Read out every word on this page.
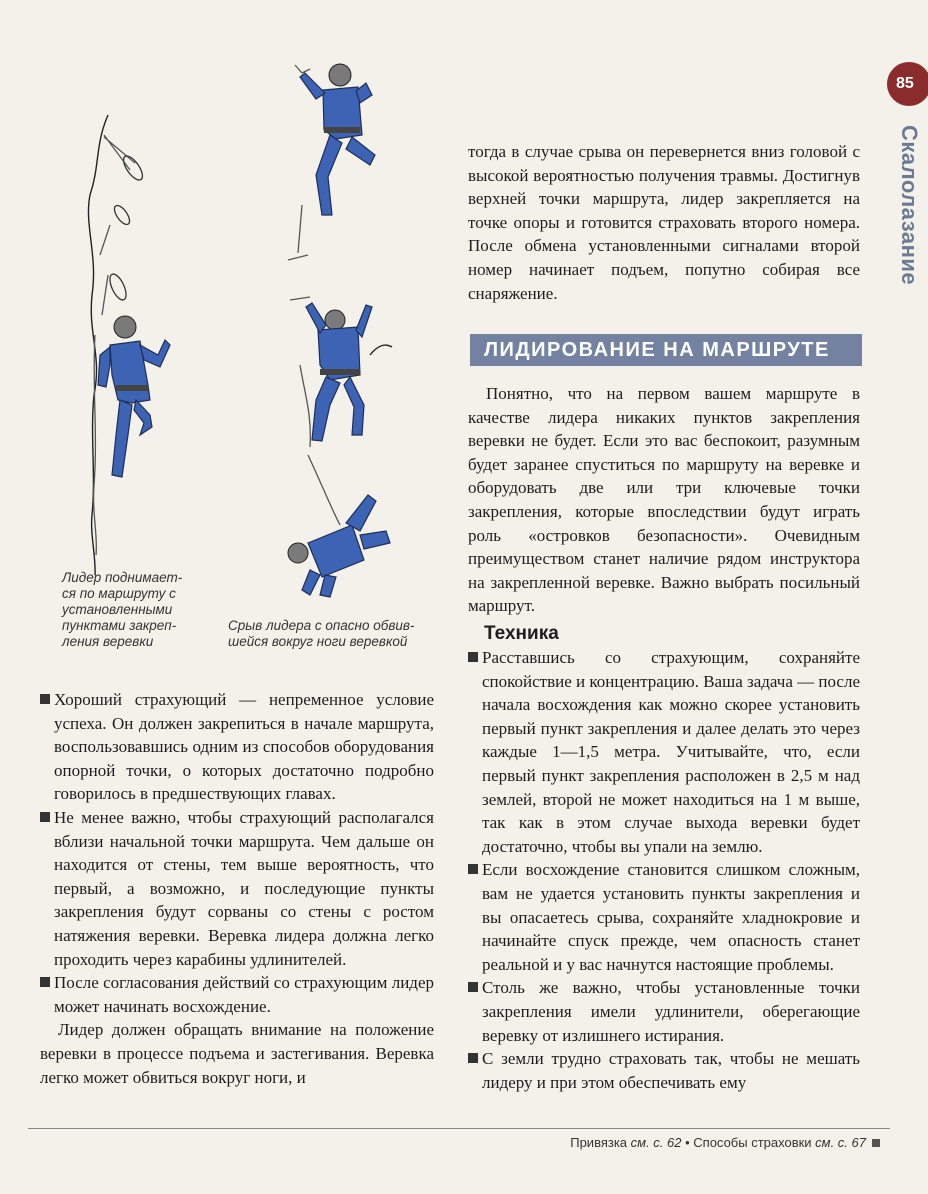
85
Скалолазание

Лидер поднимает-
ся по маршруту с
установленными
пунктами закреп-
ления веревки

Срыв лидера с опасно обвив-
шейся вокруг ноги веревкой

Хороший страхующий — непременное условие успеха. Он должен закрепиться в начале маршрута, воспользовавшись одним из способов оборудования опорной точки, о которых достаточно подробно говорилось в предшествующих главах.

Не менее важно, чтобы страхующий располагался вблизи начальной точки маршрута. Чем дальше он находится от стены, тем выше вероятность, что первый, а возможно, и последующие пункты закрепления будут сорваны со стены с ростом натяжения веревки. Веревка лидера должна легко проходить через карабины удлинителей.

После согласования действий со страхующим лидер может начинать восхождение.

Лидер должен обращать внимание на положение веревки в процессе подъема и застегивания. Веревка легко может обвиться вокруг ноги, и

тогда в случае срыва он перевернется вниз головой с высокой вероятностью получения травмы. Достигнув верхней точки маршрута, лидер закрепляется на точке опоры и готовится страховать второго номера. После обмена установленными сигналами второй номер начинает подъем, попутно собирая все снаряжение.

ЛИДИРОВАНИЕ НА МАРШРУТЕ

Понятно, что на первом вашем маршруте в качестве лидера никаких пунктов закрепления веревки не будет. Если это вас беспокоит, разумным будет заранее спуститься по маршруту на веревке и оборудовать две или три ключевые точки закрепления, которые впоследствии будут играть роль «островков безопасности». Очевидным преимуществом станет наличие рядом инструктора на закрепленной веревке. Важно выбрать посильный маршрут.

Техника

Расставшись со страхующим, сохраняйте спокойствие и концентрацию. Ваша задача — после начала восхождения как можно скорее установить первый пункт закрепления и далее делать это через каждые 1—1,5 метра. Учитывайте, что, если первый пункт закрепления расположен в 2,5 м над землей, второй не может находиться на 1 м выше, так как в этом случае выхода веревки будет достаточно, чтобы вы упали на землю.

Если восхождение становится слишком сложным, вам не удается установить пункты закрепления и вы опасаетесь срыва, сохраняйте хладнокровие и начинайте спуск прежде, чем опасность станет реальной и у вас начнутся настоящие проблемы.

Столь же важно, чтобы установленные точки закрепления имели удлинители, оберегающие веревку от излишнего истирания.

С земли трудно страховать так, чтобы не мешать лидеру и при этом обеспечивать ему

Привязка см. с. 62 • Способы страховки см. с. 67
